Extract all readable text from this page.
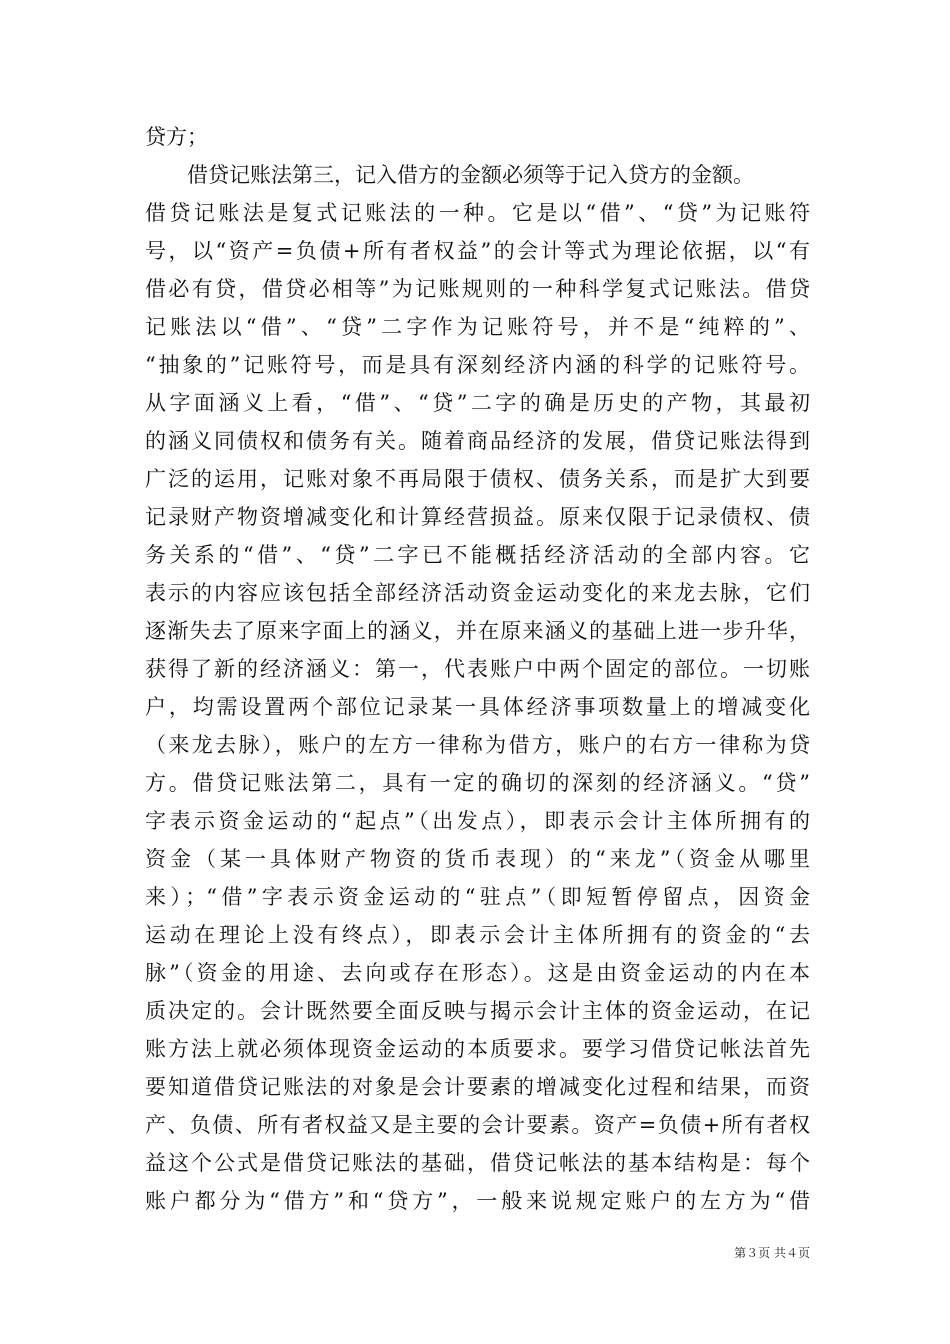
贷方；
借贷记账法第三，记入借方的金额必须等于记入贷方的金额。
借贷记账法是复式记账法的一种。它是以“借”、“贷”为记账符
号，以“资产=负债+所有者权益”的会计等式为理论依据，以“有
借必有贷，借贷必相等”为记账规则的一种科学复式记账法。借贷
记账法以“借”、“贷”二字作为记账符号，并不是“纯粹的”、
“抽象的”记账符号，而是具有深刻经济内涵的科学的记账符号。
从字面涵义上看，“借”、“贷”二字的确是历史的产物，其最初
的涵义同债权和债务有关。随着商品经济的发展，借贷记账法得到
广泛的运用，记账对象不再局限于债权、债务关系，而是扩大到要
记录财产物资增减变化和计算经营损益。原来仅限于记录债权、债
务关系的“借”、“贷”二字已不能概括经济活动的全部内容。它
表示的内容应该包括全部经济活动资金运动变化的来龙去脉，它们
逐渐失去了原来字面上的涵义，并在原来涵义的基础上进一步升华，
获得了新的经济涵义：第一，代表账户中两个固定的部位。一切账
户，均需设置两个部位记录某一具体经济事项数量上的增减变化
（来龙去脉），账户的左方一律称为借方，账户的右方一律称为贷
方。借贷记账法第二，具有一定的确切的深刻的经济涵义。“贷”
字表示资金运动的“起点”（出发点），即表示会计主体所拥有的
资金（某一具体财产物资的货币表现）的“来龙”（资金从哪里
来）；“借”字表示资金运动的“驻点”（即短暂停留点，因资金
运动在理论上没有终点），即表示会计主体所拥有的资金的“去
脉”（资金的用途、去向或存在形态）。这是由资金运动的内在本
质决定的。会计既然要全面反映与揭示会计主体的资金运动，在记
账方法上就必须体现资金运动的本质要求。要学习借贷记帐法首先
要知道借贷记账法的对象是会计要素的增减变化过程和结果，而资
产、负债、所有者权益又是主要的会计要素。资产=负债+所有者权
益这个公式是借贷记账法的基础，借贷记帐法的基本结构是：每个
账户都分为“借方”和“贷方”，一般来说规定账户的左方为“借
第３页 共４页
